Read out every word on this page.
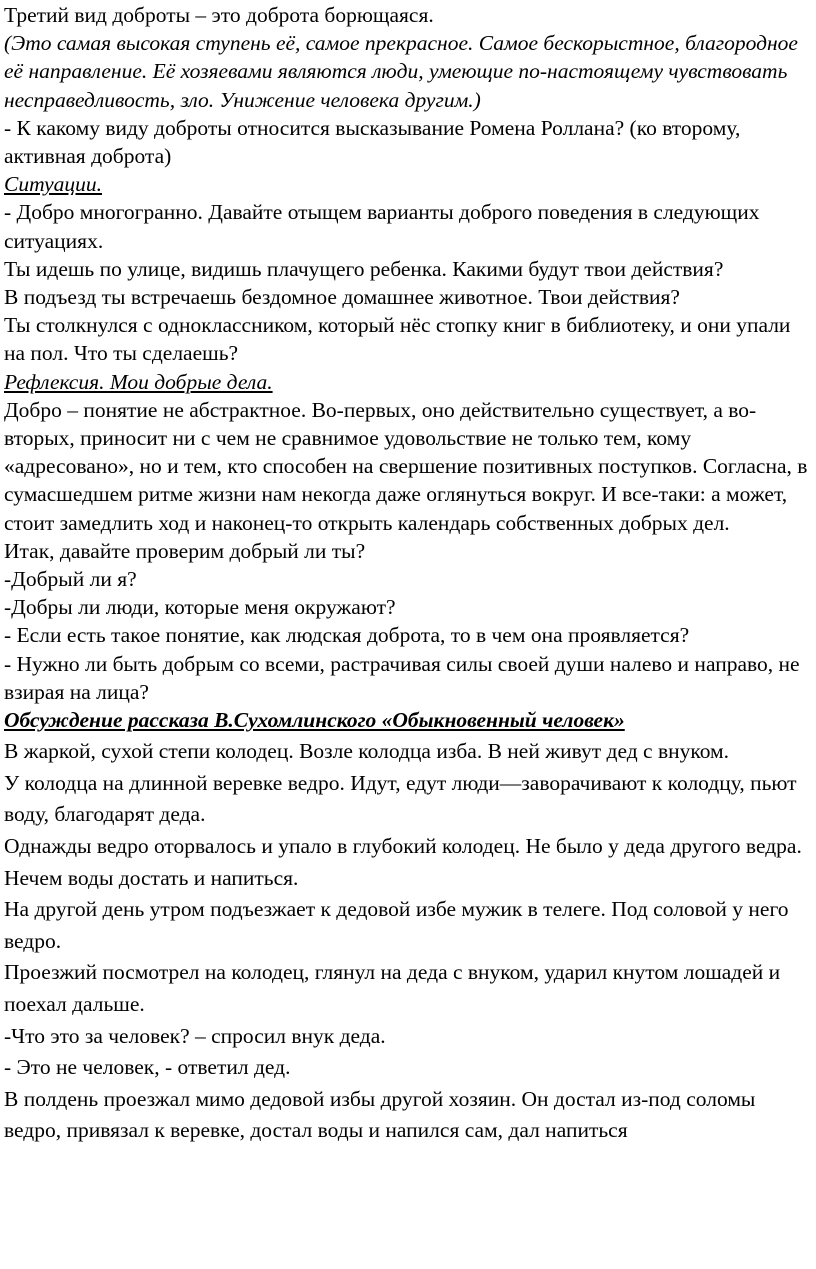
Третий вид доброты – это доброта борющаяся.

(Это самая высокая ступень её, самое прекрасное. Самое бескорыстное, благородное её направление. Её хозяевами являются люди, умеющие по-настоящему чувствовать несправедливость, зло. Унижение человека другим.)

- К какому виду доброты относится высказывание Ромена Роллана? (ко второму, активная доброта)

Ситуации.

- Добро многогранно. Давайте отыщем варианты доброго поведения в следующих ситуациях.

Ты идешь по улице, видишь плачущего ребенка. Какими будут твои действия?

В подъезд ты встречаешь бездомное домашнее животное. Твои действия?

Ты столкнулся с одноклассником, который нёс стопку книг в библиотеку, и они упали на пол. Что ты сделаешь?

Рефлексия. Мои добрые дела.

Добро – понятие не абстрактное. Во-первых, оно действительно существует, а во-вторых, приносит ни с чем не сравнимое удовольствие не только тем, кому «адресовано», но и тем, кто способен на свершение позитивных поступков. Согласна, в сумасшедшем ритме жизни нам некогда даже оглянуться вокруг. И все-таки: а может, стоит замедлить ход и наконец-то открыть календарь собственных добрых дел.

Итак, давайте проверим добрый ли ты?

-Добрый ли я?

-Добры ли люди, которые меня окружают?

- Если есть такое понятие, как людская доброта, то в чем она проявляется?

- Нужно ли быть добрым со всеми, растрачивая силы своей души налево и направо, не взирая на лица?

Обсуждение рассказа В.Сухомлинского «Обыкновенный человек»

В жаркой, сухой степи колодец. Возле колодца изба. В ней живут дед с внуком.

У колодца на длинной веревке ведро. Идут, едут люди—заворачивают к колодцу, пьют воду, благодарят деда.

Однажды ведро оторвалось и упало в глубокий колодец. Не было у деда другого ведра. Нечем воды достать и напиться.

На другой день утром подъезжает к дедовой избе мужик в телеге. Под соловой у него ведро.

Проезжий посмотрел на колодец, глянул на деда с внуком, ударил кнутом лошадей и поехал дальше.

-Что это за человек? – спросил внук деда.

- Это не человек, - ответил дед.

В полдень проезжал мимо дедовой избы другой хозяин. Он достал из-под соломы ведро, привязал к веревке, достал воды и напился сам, дал напиться
